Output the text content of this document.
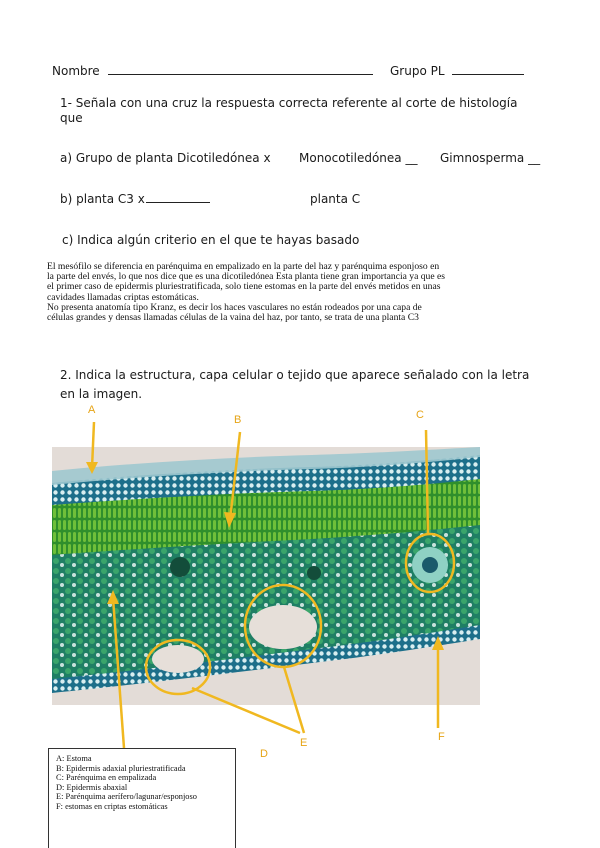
Nombre	Grupo PL
1- Señala con una cruz la respuesta correcta referente al corte de histología
que
a) Grupo de planta Dicotiledónea x Monocotiledónea __ Gimnosperma __
b) planta C3 x	planta C
c) Indica algún criterio en el que te hayas basado
El mesófilo se diferencia en parénquima en empalizado en la parte del haz y parénquima esponjoso en
la parte del envés, lo que nos dice que es una dicotiledónea Esta planta tiene gran importancia ya que es
el primer caso de epidermis pluriestratificada, solo tiene estomas en la parte del envés metidos en unas
cavidades llamadas criptas estomáticas.
No presenta anatomía tipo Kranz, es decir los haces vasculares no están rodeados por una capa de
células grandes y densas llamadas células de la vaina del haz, por tanto, se trata de una planta C3
2. Indica la estructura, capa celular o tejido que aparece señalado con la letra
en la imagen.
A
B	C
D
E	F
A: Estoma
B: Epidermis adaxial pluriestratificada
C: Parénquima en empalizada
D: Epidermis abaxial
E: Parénquima aerífero/lagunar/esponjoso
F: estomas en criptas estomáticas
